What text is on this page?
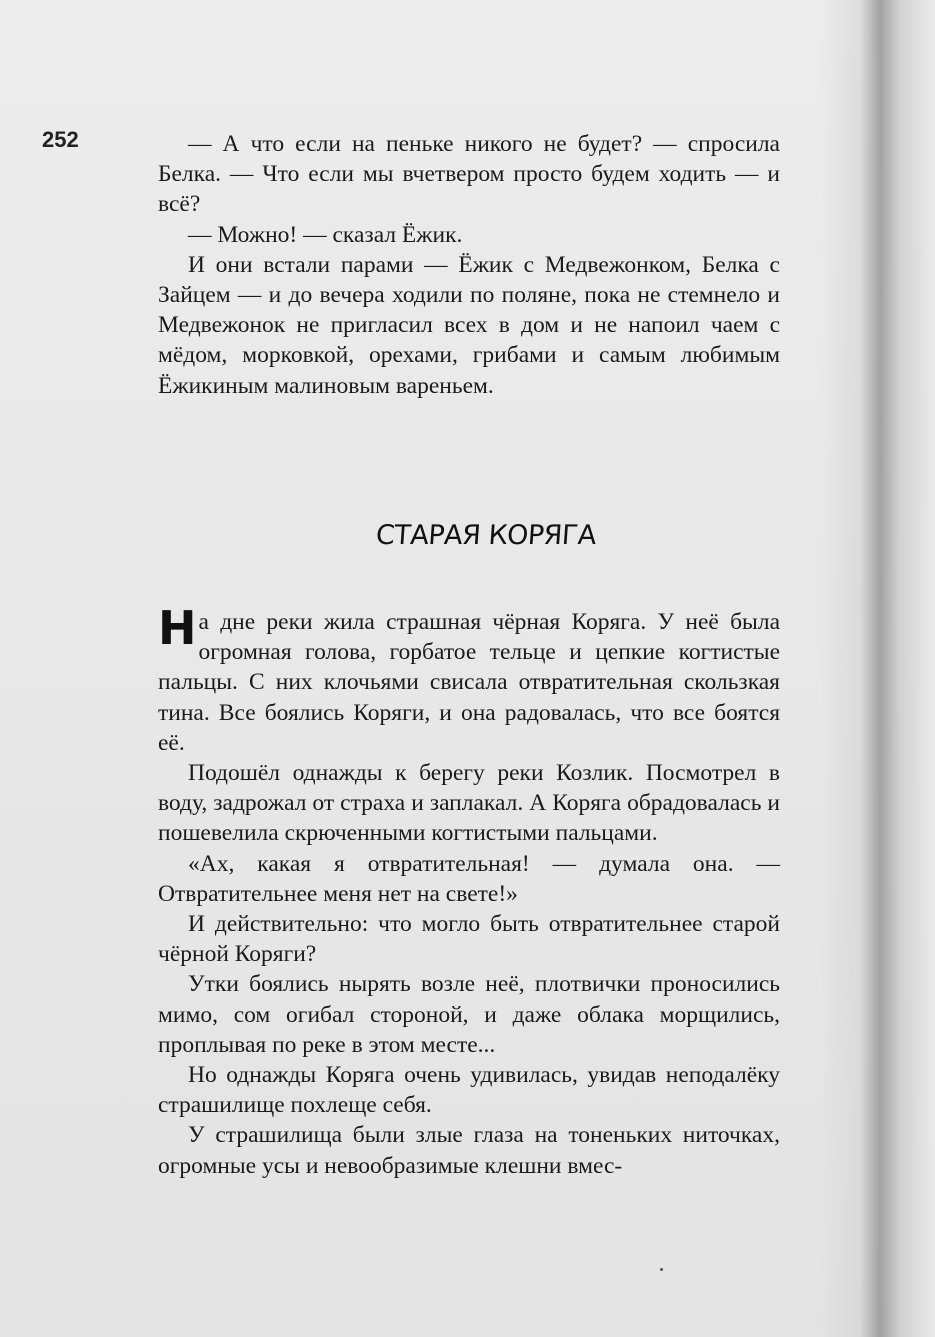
252	— А что если на пеньке никого не будет? — спросила Белка. — Что если мы вчетвером просто будем ходить — и всё?

— Можно! — сказал Ёжик.

И они встали парами — Ёжик с Медвежонком, Белка с Зайцем — и до вечера ходили по поляне, пока не стемнело и Медвежонок не пригласил всех в дом и не напоил чаем с мёдом, морковкой, орехами, грибами и самым любимым Ёжикиным малиновым вареньем.

СТАРАЯ КОРЯГА

На дне реки жила страшная чёрная Коряга. У неё была огромная голова, горбатое тельце и цепкие когтистые пальцы. С них клочьями свисала отвратительная скользкая тина. Все боялись Коряги, и она радовалась, что все боятся её.

Подошёл однажды к берегу реки Козлик. Посмотрел в воду, задрожал от страха и заплакал. А Коряга обрадовалась и пошевелила скрюченными когтистыми пальцами.

«Ах, какая я отвратительная! — думала она. — Отвратительнее меня нет на свете!»

И действительно: что могло быть отвратительнее старой чёрной Коряги?

Утки боялись нырять возле неё, плотвички проносились мимо, сом огибал стороной, и даже облака морщились, проплывая по реке в этом месте...

Но однажды Коряга очень удивилась, увидав неподалёку страшилище похлеще себя.

У страшилища были злые глаза на тоненьких ниточках, огромные усы и невообразимые клешни вмес-
